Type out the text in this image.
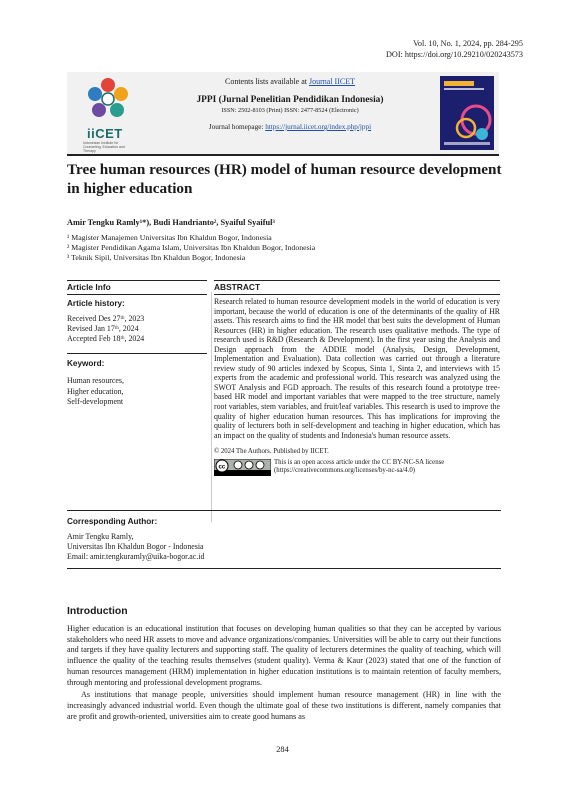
Vol. 10, No. 1, 2024, pp. 284-295
DOI: https://doi.org/10.29210/020243573
iiCET
Indonesian Institute for Counseling, Education and Therapy
Contents lists available at Journal IICET
JPPI (Jurnal Penelitian Pendidikan Indonesia)
ISSN: 2502-8103 (Print) ISSN: 2477-8524 (Electronic)
Journal homepage: https://jurnal.iicet.org/index.php/jppi
Tree human resources (HR) model of human resource development in higher education
Amir Tengku Ramly¹*), Budi Handrianto², Syaiful Syaiful³

¹ Magister Manajemen Universitas Ibn Khaldun Bogor, Indonesia

² Magister Pendidikan Agama Islam, Universitas Ibn Khaldun Bogor, Indonesia

³ Teknik Sipil, Universitas Ibn Khaldun Bogor, Indonesia

Article Info
Article history:
Received Des 27ᵗʰ, 2023
Revised Jan 17ᵗʰ, 2024
Accepted Feb 18ᵗʰ, 2024
Keyword:
Human resources,
Higher education,
Self-development
ABSTRACT
Research related to human resource development models in the world of education is very important, because the world of education is one of the determinants of the quality of HR assets. This research aims to find the HR model that best suits the development of Human Resources (HR) in higher education. The research uses qualitative methods. The type of research used is R&D (Research & Development). In the first year using the Analysis and Design approach from the ADDIE model (Analysis, Design, Development, Implementation and Evaluation). Data collection was carried out through a literature review study of 90 articles indexed by Scopus, Sinta 1, Sinta 2, and interviews with 15 experts from the academic and professional world. This research was analyzed using the SWOT Analysis and FGD approach. The results of this research found a prototype tree-based HR model and important variables that were mapped to the tree structure, namely root variables, stem variables, and fruit/leaf variables. This research is used to improve the quality of higher education human resources. This has implications for improving the quality of lecturers both in self-development and teaching in higher education, which has an impact on the quality of students and Indonesia's human resource assets.
© 2024 The Authors. Published by IICET.
cc
This is an open access article under the CC BY-NC-SA license
(https://creativecommons.org/licenses/by-nc-sa/4.0)
Corresponding Author:
Amir Tengku Ramly,
Universitas Ibn Khaldun Bogor - Indonesia
Email: amir.tengkuramly@uika-bogor.ac.id
Introduction

Higher education is an educational institution that focuses on developing human qualities so that they can be accepted by various stakeholders who need HR assets to move and advance organizations/companies. Universities will be able to carry out their functions and targets if they have quality lecturers and supporting staff. The quality of lecturers determines the quality of teaching, which will influence the quality of the teaching results themselves (student quality). Verma & Kaur (2023) stated that one of the function of human resources management (HRM) implementation in higher education institutions is to maintain retention of faculty members, through mentoring and professional development programs.

As institutions that manage people, universities should implement human resource management (HR) in line with the increasingly advanced industrial world. Even though the ultimate goal of these two institutions is different, namely companies that are profit and growth-oriented, universities aim to create good humans as

284
